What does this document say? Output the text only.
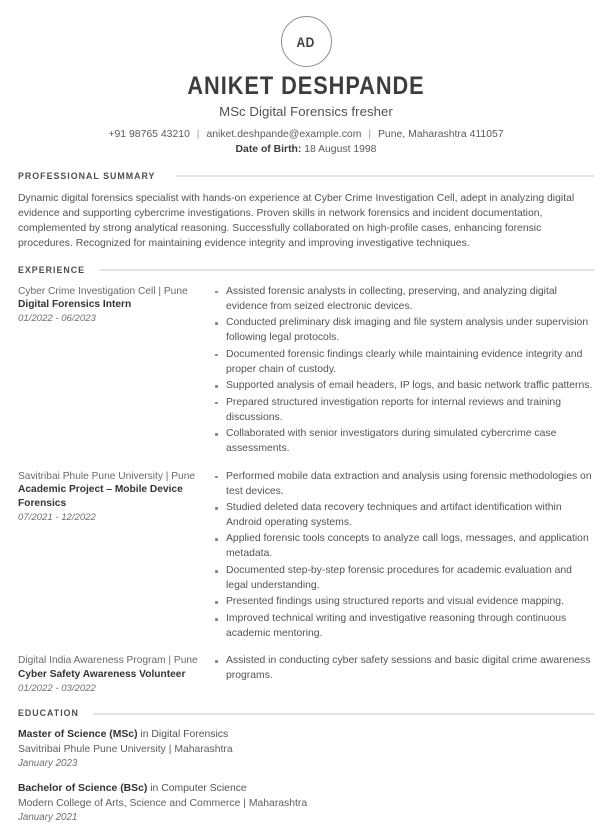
AD
ANIKET DESHPANDE
MSc Digital Forensics fresher
+91 98765 43210 | aniket.deshpande@example.com | Pune, Maharashtra 411057
Date of Birth: 18 August 1998
PROFESSIONAL SUMMARY
Dynamic digital forensics specialist with hands-on experience at Cyber Crime Investigation Cell, adept in analyzing digital evidence and supporting cybercrime investigations. Proven skills in network forensics and incident documentation, complemented by strong analytical reasoning. Successfully collaborated on high-profile cases, enhancing forensic procedures. Recognized for maintaining evidence integrity and improving investigative techniques.
EXPERIENCE
Cyber Crime Investigation Cell | Pune
Digital Forensics Intern
01/2022 - 06/2023
Assisted forensic analysts in collecting, preserving, and analyzing digital evidence from seized electronic devices.
Conducted preliminary disk imaging and file system analysis under supervision following legal protocols.
Documented forensic findings clearly while maintaining evidence integrity and proper chain of custody.
Supported analysis of email headers, IP logs, and basic network traffic patterns.
Prepared structured investigation reports for internal reviews and training discussions.
Collaborated with senior investigators during simulated cybercrime case assessments.
Savitribai Phule Pune University | Pune
Academic Project – Mobile Device Forensics
07/2021 - 12/2022
Performed mobile data extraction and analysis using forensic methodologies on test devices.
Studied deleted data recovery techniques and artifact identification within Android operating systems.
Applied forensic tools concepts to analyze call logs, messages, and application metadata.
Documented step-by-step forensic procedures for academic evaluation and legal understanding.
Presented findings using structured reports and visual evidence mapping.
Improved technical writing and investigative reasoning through continuous academic mentoring.
Digital India Awareness Program | Pune
Cyber Safety Awareness Volunteer
01/2022 - 03/2022
Assisted in conducting cyber safety sessions and basic digital crime awareness programs.
EDUCATION
Master of Science (MSc) in Digital Forensics
Savitribai Phule Pune University | Maharashtra
January 2023
Bachelor of Science (BSc) in Computer Science
Modern College of Arts, Science and Commerce | Maharashtra
January 2021
